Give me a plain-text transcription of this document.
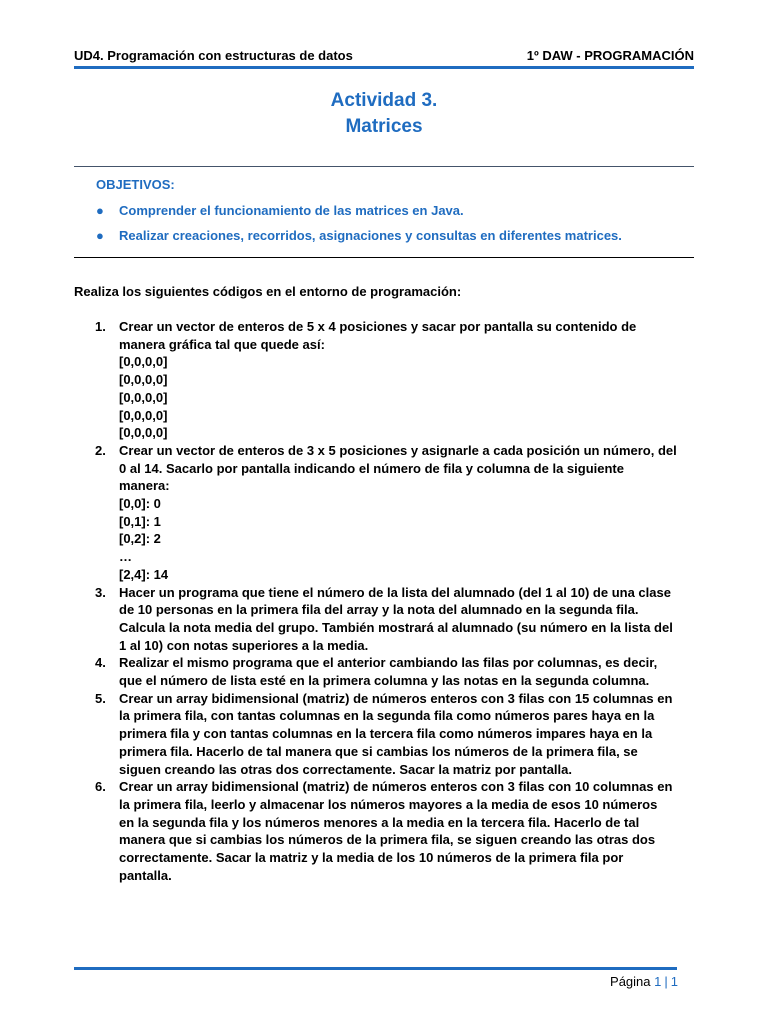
UD4. Programación con estructuras de datos	1º DAW - PROGRAMACIÓN
Actividad 3.
Matrices
OBJETIVOS:
● Comprender el funcionamiento de las matrices en Java.
● Realizar creaciones, recorridos, asignaciones y consultas en diferentes matrices.
Realiza los siguientes códigos en el entorno de programación:
1. Crear un vector de enteros de 5 x 4 posiciones y sacar por pantalla su contenido de
manera gráfica tal que quede así:
[0,0,0,0]
[0,0,0,0]
[0,0,0,0]
[0,0,0,0]
[0,0,0,0]
2. Crear un vector de enteros de 3 x 5 posiciones y asignarle a cada posición un número, del
0 al 14. Sacarlo por pantalla indicando el número de fila y columna de la siguiente
manera:
[0,0]: 0
[0,1]: 1
[0,2]: 2
…
[2,4]: 14
3. Hacer un programa que tiene el número de la lista del alumnado (del 1 al 10) de una clase
de 10 personas en la primera fila del array y la nota del alumnado en la segunda fila.
Calcula la nota media del grupo. También mostrará al alumnado (su número en la lista del
1 al 10) con notas superiores a la media.
4. Realizar el mismo programa que el anterior cambiando las filas por columnas, es decir,
que el número de lista esté en la primera columna y las notas en la segunda columna.
5. Crear un array bidimensional (matriz) de números enteros con 3 filas con 15 columnas en
la primera fila, con tantas columnas en la segunda fila como números pares haya en la
primera fila y con tantas columnas en la tercera fila como números impares haya en la
primera fila. Hacerlo de tal manera que si cambias los números de la primera fila, se
siguen creando las otras dos correctamente. Sacar la matriz por pantalla.
6. Crear un array bidimensional (matriz) de números enteros con 3 filas con 10 columnas en
la primera fila, leerlo y almacenar los números mayores a la media de esos 10 números
en la segunda fila y los números menores a la media en la tercera fila. Hacerlo de tal
manera que si cambias los números de la primera fila, se siguen creando las otras dos
correctamente. Sacar la matriz y la media de los 10 números de la primera fila por
pantalla.
Página 1 | 1
